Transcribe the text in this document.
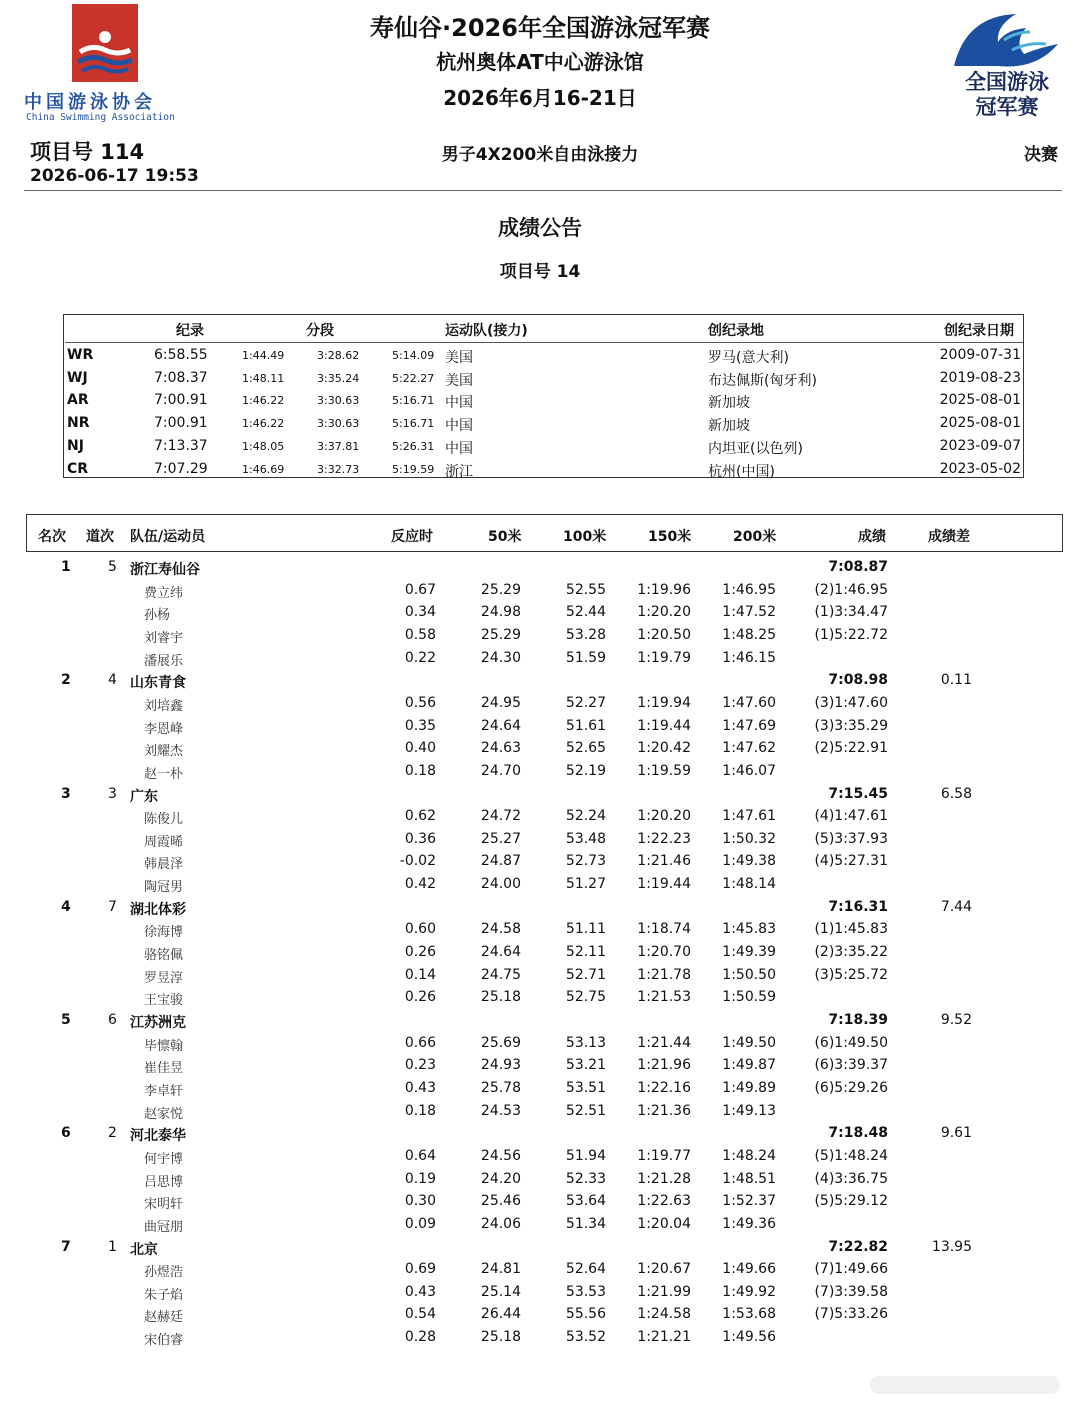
中国游泳协会
China Swimming Association
全国游泳
冠军赛
寿仙谷·2026年全国游泳冠军赛
杭州奥体AT中心游泳馆
2026年6月16-21日
项目号 114
2026-06-17 19:53
男子4X200米自由泳接力	决赛
成绩公告
项目号 14
纪录	分段	运动队(接力)	创纪录地	创纪录日期
WR	6:58.55	1:44.49	3:28.62	5:14.09 美国	罗马(意大利)	2009-07-31
WJ	7:08.37	1:48.11	3:35.24	5:22.27 美国	布达佩斯(匈牙利)	2019-08-23
AR	7:00.91	1:46.22	3:30.63	5:16.71 中国	新加坡	2025-08-01
NR	7:00.91	1:46.22	3:30.63	5:16.71 中国	新加坡	2025-08-01
NJ	7:13.37	1:48.05	3:37.81	5:26.31 中国	内坦亚(以色列)	2023-09-07
CR	7:07.29	1:46.69	3:32.73	5:19.59 浙江	杭州(中国)	2023-05-02
名次 道次 队伍/运动员	反应时	50米	100米	150米	200米	成绩	成绩差
1	5 浙江寿仙谷	7:08.87
费立纬	0.67	25.29	52.55 1:19.96 1:46.95	(2)1:46.95
孙杨	0.34	24.98	52.44 1:20.20 1:47.52	(1)3:34.47
刘睿宇	0.58	25.29	53.28 1:20.50 1:48.25	(1)5:22.72
潘展乐	0.22	24.30	51.59 1:19.79 1:46.15
2	4 山东青食	7:08.98	0.11
刘培鑫	0.56	24.95	52.27 1:19.94 1:47.60	(3)1:47.60
李恩峰	0.35	24.64	51.61 1:19.44 1:47.69	(3)3:35.29
刘耀杰	0.40	24.63	52.65 1:20.42 1:47.62	(2)5:22.91
赵一朴	0.18	24.70	52.19 1:19.59 1:46.07
3	3 广东	7:15.45	6.58
陈俊儿	0.62	24.72	52.24 1:20.20 1:47.61	(4)1:47.61
周霞晞	0.36	25.27	53.48 1:22.23 1:50.32	(5)3:37.93
韩晨泽	-0.02	24.87	52.73 1:21.46 1:49.38	(4)5:27.31
陶冠男	0.42	24.00	51.27 1:19.44 1:48.14
4	7 湖北体彩	7:16.31	7.44
徐海博	0.60	24.58	51.11 1:18.74 1:45.83	(1)1:45.83
骆铭佩	0.26	24.64	52.11 1:20.70 1:49.39	(2)3:35.22
罗昱淳	0.14	24.75	52.71 1:21.78 1:50.50	(3)5:25.72
王宝骏	0.26	25.18	52.75 1:21.53 1:50.59
5	6 江苏洲克	7:18.39	9.52
毕懔翰	0.66	25.69	53.13 1:21.44 1:49.50	(6)1:49.50
崔佳昱	0.23	24.93	53.21 1:21.96 1:49.87	(6)3:39.37
李卓轩	0.43	25.78	53.51 1:22.16 1:49.89	(6)5:29.26
赵家悦	0.18	24.53	52.51 1:21.36 1:49.13
6	2 河北泰华	7:18.48	9.61
何宇博	0.64	24.56	51.94 1:19.77 1:48.24	(5)1:48.24
吕思博	0.19	24.20	52.33 1:21.28 1:48.51	(4)3:36.75
宋明轩	0.30	25.46	53.64 1:22.63 1:52.37	(5)5:29.12
曲冠朋	0.09	24.06	51.34 1:20.04 1:49.36
7	1 北京	7:22.82	13.95
孙煜浩	0.69	24.81	52.64 1:20.67 1:49.66	(7)1:49.66
朱子焰	0.43	25.14	53.53 1:21.99 1:49.92	(7)3:39.58
赵赫廷	0.54	26.44	55.56 1:24.58 1:53.68	(7)5:33.26
宋伯睿	0.28	25.18	53.52 1:21.21 1:49.56
